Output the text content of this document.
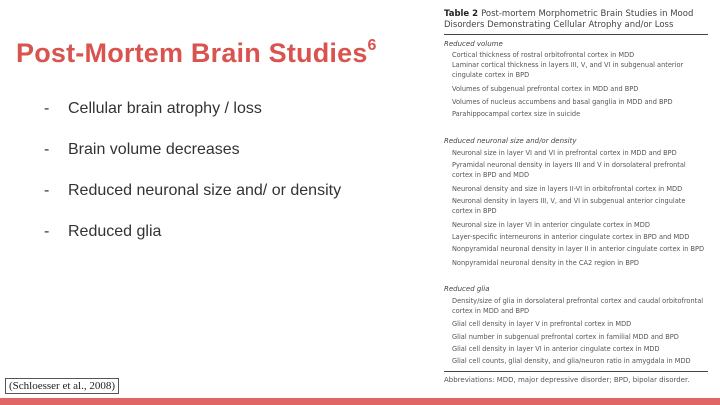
Post-Mortem Brain Studies$^6$
- Cellular brain atrophy / loss
- Brain volume decreases
- Reduced neuronal size and/ or density
- Reduced glia
(Schloesser et al., 2008)
Table 2 Post-mortem Morphometric Brain Studies in Mood Disorders Demonstrating Cellular Atrophy and/or Loss
Reduced volume
Cortical thickness of rostral orbitofrontal cortex in MDD
Laminar cortical thickness in layers III, V, and VI in subgenual anterior cingulate cortex in BPD
Volumes of subgenual prefrontal cortex in MDD and BPD
Volumes of nucleus accumbens and basal ganglia in MDD and BPD
Parahippocampal cortex size in suicide
Reduced neuronal size and/or density
Neuronal size in layer VI and VI in prefrontal cortex in MDD and BPD
Pyramidal neuronal density in layers III and V in dorsolateral prefrontal cortex in BPD and MDD
Neuronal density and size in layers II-VI in orbitofrontal cortex in MDD
Neuronal density in layers III, V, and VI in subgenual anterior cingulate cortex in BPD
Neuronal size in layer VI in anterior cingulate cortex in MDD
Layer-specific interneurons in anterior cingulate cortex in BPD and MDD
Nonpyramidal neuronal density in layer II in anterior cingulate cortex in BPD
Nonpyramidal neuronal density in the CA2 region in BPD
Reduced glia
Density/size of glia in dorsolateral prefrontal cortex and caudal orbitofrontal cortex in MDD and BPD
Glial cell density in layer V in prefrontal cortex in MDD
Glial number in subgenual prefrontal cortex in familial MDD and BPD
Glial cell density in layer VI in anterior cingulate cortex in MDD
Glial cell counts, glial density, and glia/neuron ratio in amygdala in MDD
Abbreviations: MDD, major depressive disorder; BPD, bipolar disorder.
